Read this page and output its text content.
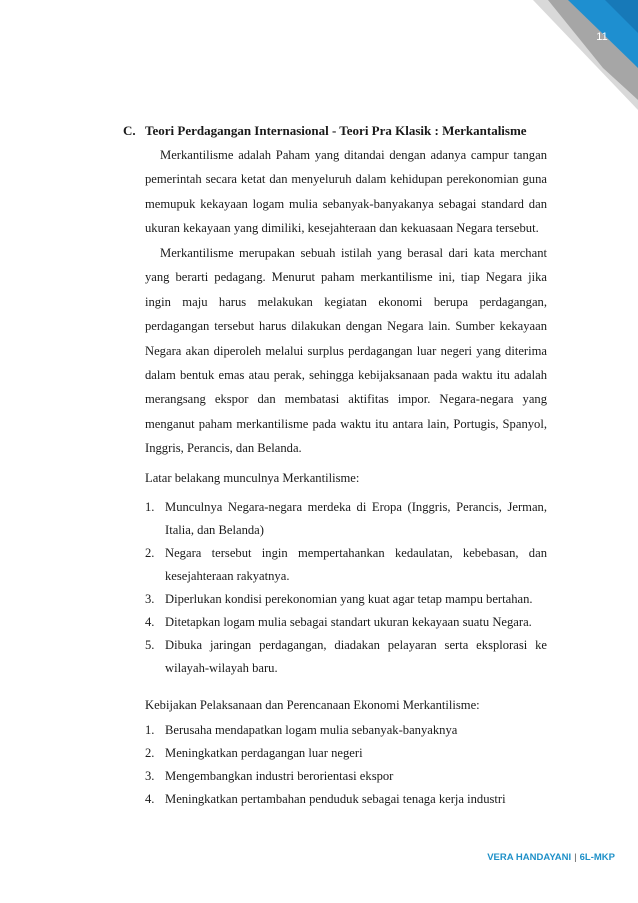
11
C. Teori Perdagangan Internasional - Teori Pra Klasik : Merkantalisme

Merkantilisme adalah Paham yang ditandai dengan adanya campur tangan pemerintah secara ketat dan menyeluruh dalam kehidupan perekonomian guna memupuk kekayaan logam mulia sebanyak-banyakanya sebagai standard dan ukuran kekayaan yang dimiliki, kesejahteraan dan kekuasaan Negara tersebut.

Merkantilisme merupakan sebuah istilah yang berasal dari kata merchant yang berarti pedagang. Menurut paham merkantilisme ini, tiap Negara jika ingin maju harus melakukan kegiatan ekonomi berupa perdagangan, perdagangan tersebut harus dilakukan dengan Negara lain. Sumber kekayaan Negara akan diperoleh melalui surplus perdagangan luar negeri yang diterima dalam bentuk emas atau perak, sehingga kebijaksanaan pada waktu itu adalah merangsang ekspor dan membatasi aktifitas impor. Negara-negara yang menganut paham merkantilisme pada waktu itu antara lain, Portugis, Spanyol, Inggris, Perancis, dan Belanda.

Latar belakang munculnya Merkantilisme:
1. Munculnya Negara-negara merdeka di Eropa (Inggris, Perancis, Jerman, Italia, dan Belanda)
2. Negara tersebut ingin mempertahankan kedaulatan, kebebasan, dan kesejahteraan rakyatnya.
3. Diperlukan kondisi perekonomian yang kuat agar tetap mampu bertahan.
4. Ditetapkan logam mulia sebagai standart ukuran kekayaan suatu Negara.
5. Dibuka jaringan perdagangan, diadakan pelayaran serta eksplorasi ke wilayah-wilayah baru.
Kebijakan Pelaksanaan dan Perencanaan Ekonomi Merkantilisme:
1. Berusaha mendapatkan logam mulia sebanyak-banyaknya
2. Meningkatkan perdagangan luar negeri
3. Mengembangkan industri berorientasi ekspor
4. Meningkatkan pertambahan penduduk sebagai tenaga kerja industri
VERA HANDAYANI | 6L-MKP
